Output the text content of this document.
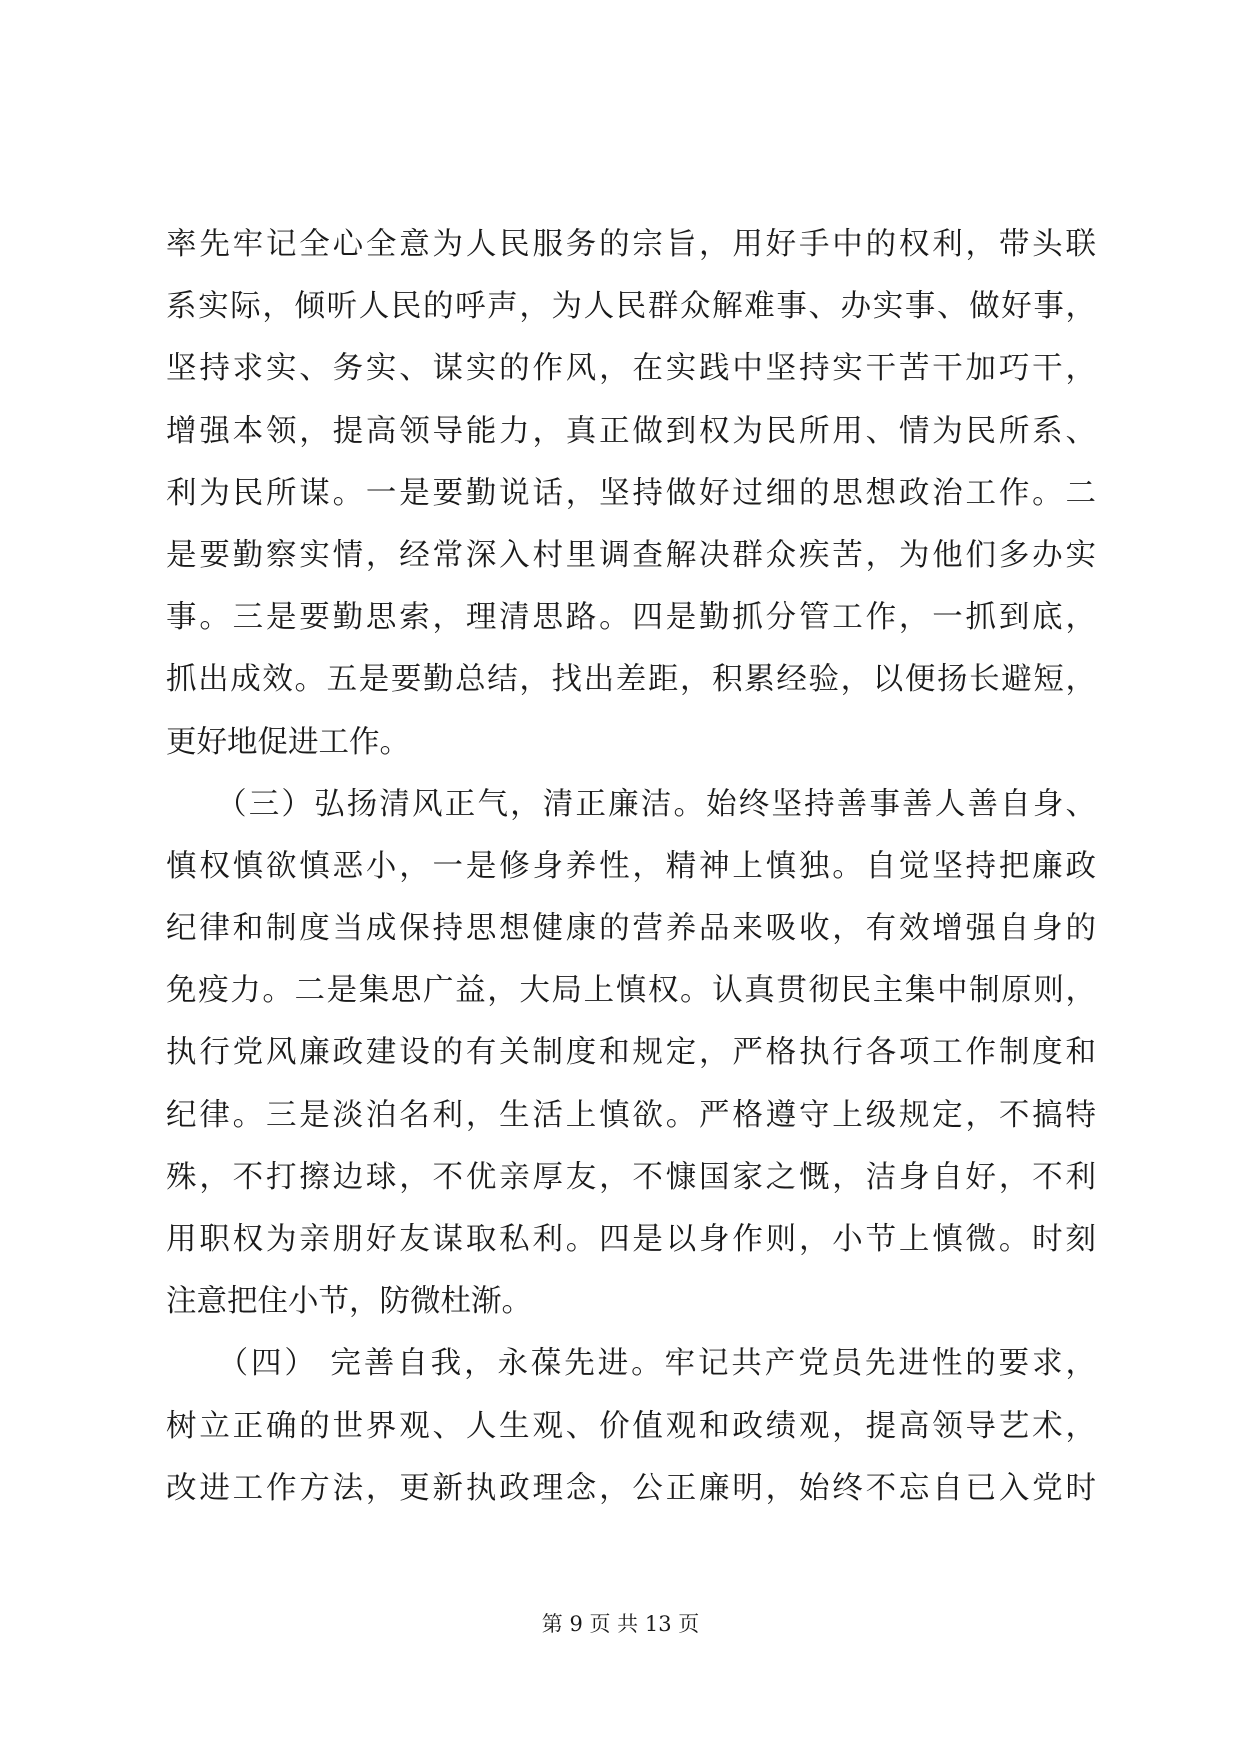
率先牢记全心全意为人民服务的宗旨，用好手中的权利，带头联
系实际，倾听人民的呼声，为人民群众解难事、办实事、做好事，
坚持求实、务实、谋实的作风，在实践中坚持实干苦干加巧干，
增强本领，提高领导能力，真正做到权为民所用、情为民所系、
利为民所谋。一是要勤说话，坚持做好过细的思想政治工作。二
是要勤察实情，经常深入村里调查解决群众疾苦，为他们多办实
事。三是要勤思索，理清思路。四是勤抓分管工作，一抓到底，
抓出成效。五是要勤总结，找出差距，积累经验，以便扬长避短，
更好地促进工作。
　　（三）弘扬清风正气，清正廉洁。始终坚持善事善人善自身、
慎权慎欲慎恶小，一是修身养性，精神上慎独。自觉坚持把廉政
纪律和制度当成保持思想健康的营养品来吸收，有效增强自身的
免疫力。二是集思广益，大局上慎权。认真贯彻民主集中制原则，
执行党风廉政建设的有关制度和规定，严格执行各项工作制度和
纪律。三是淡泊名利，生活上慎欲。严格遵守上级规定，不搞特
殊，不打擦边球，不优亲厚友，不慷国家之慨，洁身自好，不利
用职权为亲朋好友谋取私利。四是以身作则，小节上慎微。时刻
注意把住小节，防微杜渐。
　　（四） 完善自我，永葆先进。牢记共产党员先进性的要求，
树立正确的世界观、人生观、价值观和政绩观，提高领导艺术，
改进工作方法，更新执政理念，公正廉明，始终不忘自已入党时
第 9 页 共 13 页
